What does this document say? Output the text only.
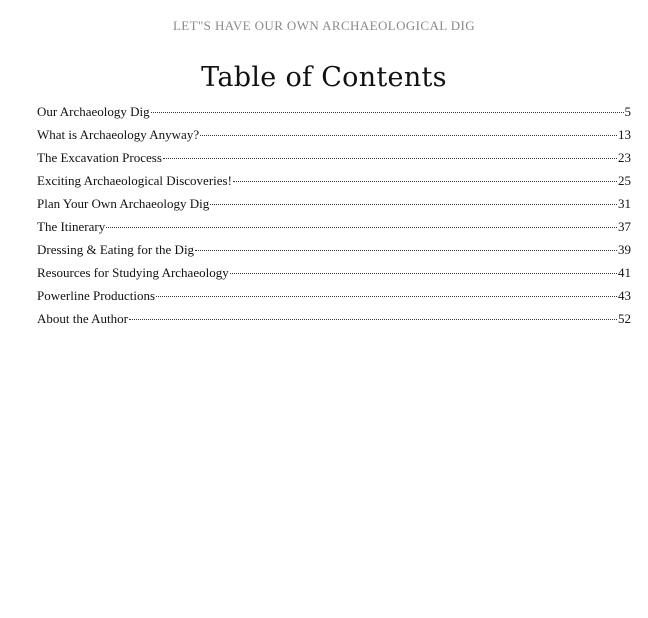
LET"S HAVE OUR OWN ARCHAEOLOGICAL DIG
Table of Contents
Our Archaeology Dig	5
What is Archaeology Anyway?	13
The Excavation Process	23
Exciting Archaeological Discoveries!	25
Plan Your Own Archaeology Dig	31
The Itinerary	37
Dressing & Eating for the Dig	39
Resources for Studying Archaeology	41
Powerline Productions	43
About the Author	52
